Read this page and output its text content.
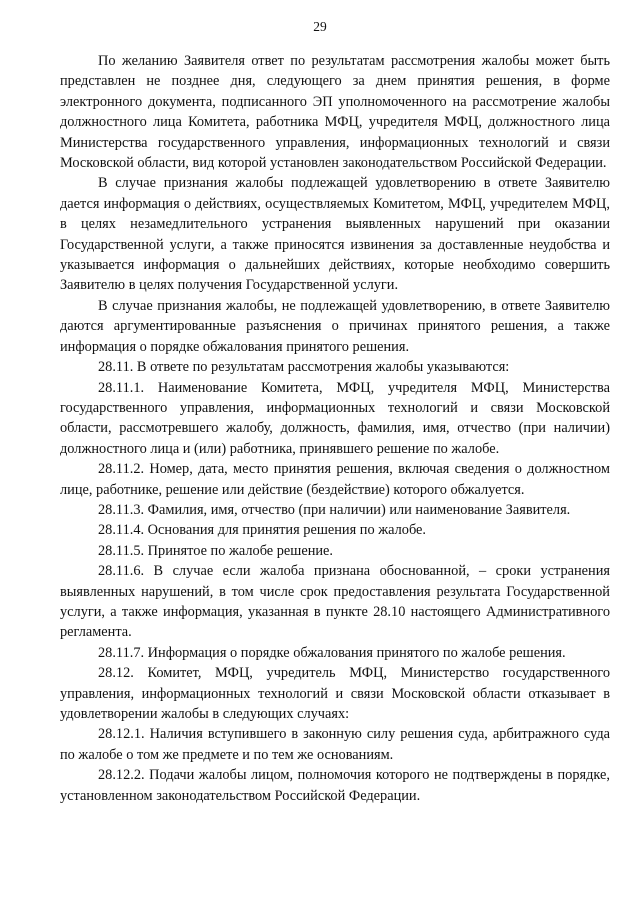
29

По желанию Заявителя ответ по результатам рассмотрения жалобы может быть представлен не позднее дня, следующего за днем принятия решения, в форме электронного документа, подписанного ЭП уполномоченного на рассмотрение жалобы должностного лица Комитета, работника МФЦ, учредителя МФЦ, должностного лица Министерства государственного управления, информационных технологий и связи Московской области, вид которой установлен законодательством Российской Федерации.

В случае признания жалобы подлежащей удовлетворению в ответе Заявителю дается информация о действиях, осуществляемых Комитетом, МФЦ, учредителем МФЦ, в целях незамедлительного устранения выявленных нарушений при оказании Государственной услуги, а также приносятся извинения за доставленные неудобства и указывается информация о дальнейших действиях, которые необходимо совершить Заявителю в целях получения Государственной услуги.

В случае признания жалобы, не подлежащей удовлетворению, в ответе Заявителю даются аргументированные разъяснения о причинах принятого решения, а также информация о порядке обжалования принятого решения.

28.11. В ответе по результатам рассмотрения жалобы указываются:

28.11.1. Наименование Комитета, МФЦ, учредителя МФЦ, Министерства государственного управления, информационных технологий и связи Московской области, рассмотревшего жалобу, должность, фамилия, имя, отчество (при наличии) должностного лица и (или) работника, принявшего решение по жалобе.

28.11.2. Номер, дата, место принятия решения, включая сведения о должностном лице, работнике, решение или действие (бездействие) которого обжалуется.

28.11.3. Фамилия, имя, отчество (при наличии) или наименование Заявителя.

28.11.4. Основания для принятия решения по жалобе.

28.11.5. Принятое по жалобе решение.

28.11.6. В случае если жалоба признана обоснованной, – сроки устранения выявленных нарушений, в том числе срок предоставления результата Государственной услуги, а также информация, указанная в пункте 28.10 настоящего Административного регламента.

28.11.7. Информация о порядке обжалования принятого по жалобе решения.

28.12. Комитет, МФЦ, учредитель МФЦ, Министерство государственного управления, информационных технологий и связи Московской области отказывает в удовлетворении жалобы в следующих случаях:

28.12.1. Наличия вступившего в законную силу решения суда, арбитражного суда по жалобе о том же предмете и по тем же основаниям.

28.12.2. Подачи жалобы лицом, полномочия которого не подтверждены в порядке, установленном законодательством Российской Федерации.
